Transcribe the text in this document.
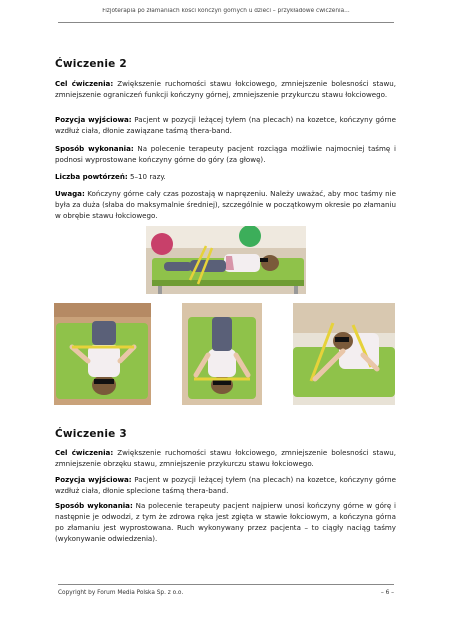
Fizjoterapia po złamaniach kości kończyn górnych u dzieci – przykładowe ćwiczenia...
Ćwiczenie 2

Cel ćwiczenia: Zwiększenie ruchomości stawu łokciowego, zmniejszenie bolesności stawu, zmniejszenie ograniczeń funkcji kończyny górnej, zmniejszenie przykurczu stawu łokciowego.

Pozycja wyjściowa: Pacjent w pozycji leżącej tyłem (na plecach) na kozetce, kończyny górne wzdłuż ciała, dłonie zawiązane taśmą thera-band.

Sposób wykonania: Na polecenie terapeuty pacjent rozciąga możliwie najmocniej taśmę i podnosi wyprostowane kończyny górne do góry (za głowę).

Liczba powtórzeń: 5–10 razy.

Uwaga: Kończyny górne cały czas pozostają w napręzeniu. Należy uważać, aby moc taśmy nie była za duża (słaba do maksymalnie średniej), szczególnie w początkowym okresie po złamaniu w obrębie stawu łokciowego.

Ćwiczenie 3

Cel ćwiczenia: Zwiększenie ruchomości stawu łokciowego, zmniejszenie bolesności stawu, zmniejszenie obrzęku stawu, zmniejszenie przykurczu stawu łokciowego.

Pozycja wyjściowa: Pacjent w pozycji leżącej tyłem (na plecach) na kozetce, kończyny górne wzdłuż ciała, dłonie splecione taśmą thera-band.

Sposób wykonania: Na polecenie terapeuty pacjent najpierw unosi kończyny górne w górę i następnie je odwodzi, z tym że zdrowa ręka jest zgięta w stawie łokciowym, a kończyna górna po złamaniu jest wyprostowana. Ruch wykonywany przez pacjenta – to ciągły naciąg taśmy (wykonywanie odwiedzenia).

Copyright by Forum Media Polska Sp. z o.o.	– 6 –
